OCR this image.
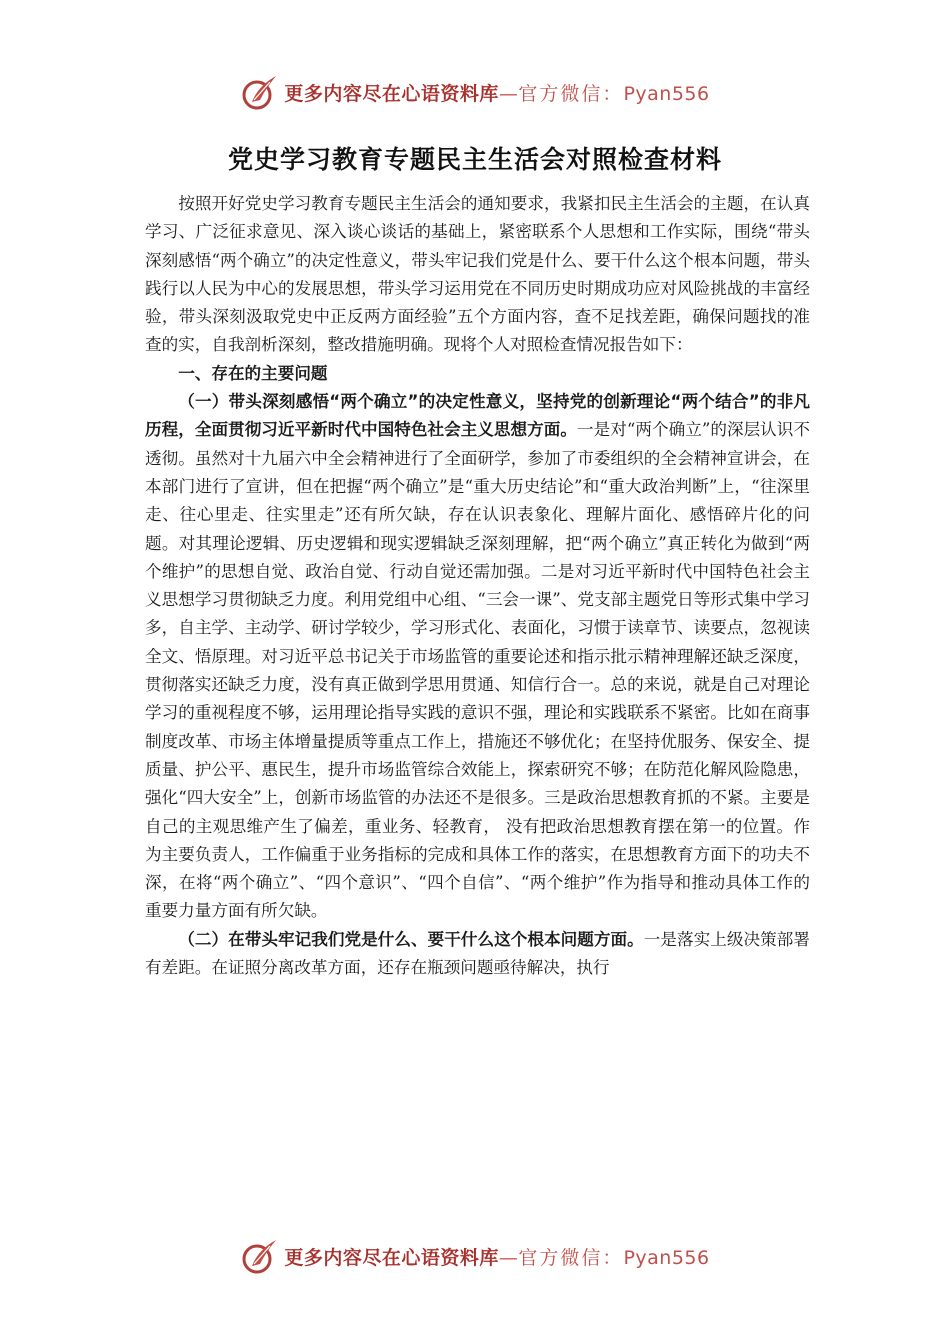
更多内容尽在心语资料库—官方微信：Pyan556
党史学习教育专题民主生活会对照检查材料

按照开好党史学习教育专题民主生活会的通知要求，我紧扣民主生活会的主题，在认真学习、广泛征求意见、深入谈心谈话的基础上，紧密联系个人思想和工作实际，围绕“带头深刻感悟“两个确立”的决定性意义，带头牢记我们党是什么、要干什么这个根本问题，带头践行以人民为中心的发展思想，带头学习运用党在不同历史时期成功应对风险挑战的丰富经验，带头深刻汲取党史中正反两方面经验”五个方面内容，查不足找差距，确保问题找的准查的实，自我剖析深刻，整改措施明确。现将个人对照检查情况报告如下：

一、存在的主要问题

（一）带头深刻感悟“两个确立”的决定性意义，坚持党的创新理论“两个结合”的非凡历程，全面贯彻习近平新时代中国特色社会主义思想方面。一是对“两个确立”的深层认识不透彻。虽然对十九届六中全会精神进行了全面研学，参加了市委组织的全会精神宣讲会，在本部门进行了宣讲，但在把握“两个确立”是“重大历史结论”和“重大政治判断”上，“往深里走、往心里走、往实里走”还有所欠缺，存在认识表象化、理解片面化、感悟碎片化的问题。对其理论逻辑、历史逻辑和现实逻辑缺乏深刻理解，把“两个确立”真正转化为做到“两个维护”的思想自觉、政治自觉、行动自觉还需加强。二是对习近平新时代中国特色社会主义思想学习贯彻缺乏力度。利用党组中心组、“三会一课”、党支部主题党日等形式集中学习多，自主学、主动学、研讨学较少，学习形式化、表面化，习惯于读章节、读要点，忽视读全文、悟原理。对习近平总书记关于市场监管的重要论述和指示批示精神理解还缺乏深度，贯彻落实还缺乏力度，没有真正做到学思用贯通、知信行合一。总的来说，就是自己对理论学习的重视程度不够，运用理论指导实践的意识不强，理论和实践联系不紧密。比如在商事制度改革、市场主体增量提质等重点工作上，措施还不够优化；在坚持优服务、保安全、提质量、护公平、惠民生，提升市场监管综合效能上，探索研究不够；在防范化解风险隐患，强化“四大安全”上，创新市场监管的办法还不是很多。三是政治思想教育抓的不紧。主要是自己的主观思维产生了偏差，重业务、轻教育， 没有把政治思想教育摆在第一的位置。作为主要负责人，工作偏重于业务指标的完成和具体工作的落实，在思想教育方面下的功夫不深，在将“两个确立”、“四个意识”、“四个自信”、“两个维护”作为指导和推动具体工作的重要力量方面有所欠缺。

（二）在带头牢记我们党是什么、要干什么这个根本问题方面。一是落实上级决策部署有差距。在证照分离改革方面，还存在瓶颈问题亟待解决，执行

更多内容尽在心语资料库—官方微信：Pyan556
